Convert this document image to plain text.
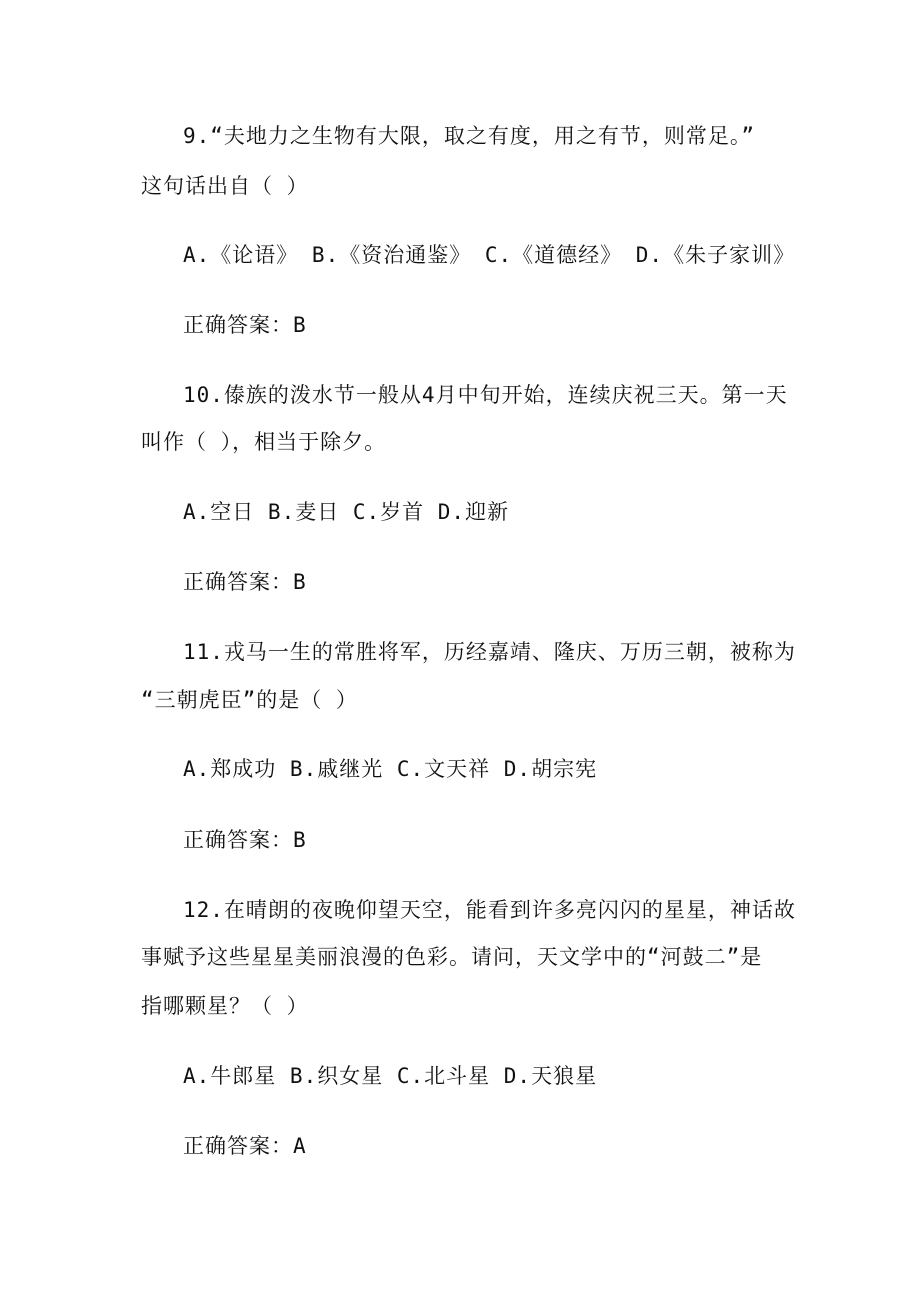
9.“夫地力之生物有大限，取之有度，用之有节，则常足。”
这句话出自（ ）
A.《论语》 B.《资治通鉴》 C.《道德经》 D.《朱子家训》
正确答案：B
10.傣族的泼水节一般从4月中旬开始，连续庆祝三天。第一天
叫作（ ），相当于除夕。
A.空日 B.麦日 C.岁首 D.迎新
正确答案：B
11.戎马一生的常胜将军，历经嘉靖、隆庆、万历三朝，被称为
“三朝虎臣”的是（ ）
A.郑成功 B.戚继光 C.文天祥 D.胡宗宪
正确答案：B
12.在晴朗的夜晚仰望天空，能看到许多亮闪闪的星星，神话故
事赋予这些星星美丽浪漫的色彩。请问，天文学中的“河鼓二”是
指哪颗星？（ ）
A.牛郎星 B.织女星 C.北斗星 D.天狼星
正确答案：A
